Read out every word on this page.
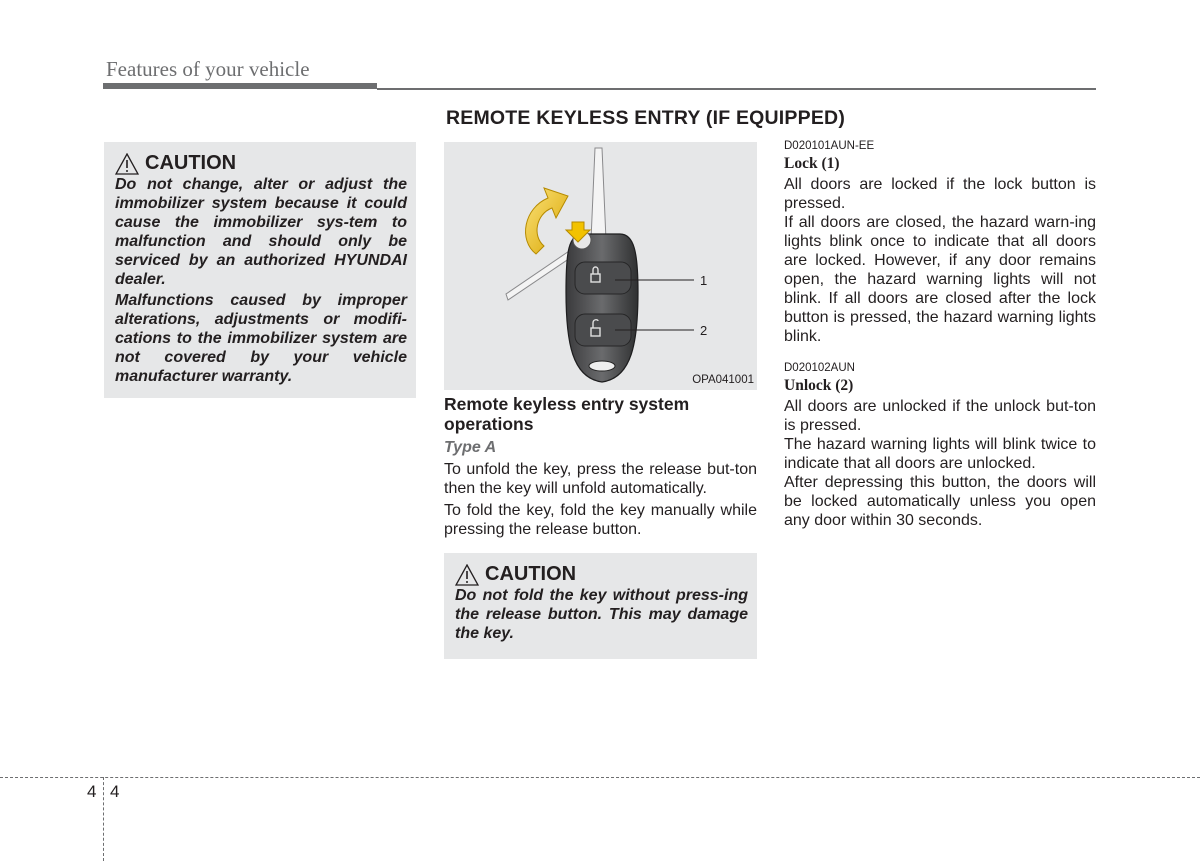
Features of your vehicle
REMOTE KEYLESS ENTRY (IF EQUIPPED)
CAUTION

Do not change, alter or adjust the immobilizer system because it could cause the immobilizer sys-tem to malfunction and should only be serviced by an authorized HYUNDAI dealer.

Malfunctions caused by improper alterations, adjustments or modifi-cations to the immobilizer system are not covered by your vehicle manufacturer warranty.

1
2
OPA041001

Remote keyless entry system operations

Type A

To unfold the key, press the release but-ton then the key will unfold automatically.

To fold the key, fold the key manually while pressing the release button.

CAUTION

Do not fold the key without press-ing the release button. This may damage the key.

D020101AUN-EE

Lock (1)

All doors are locked if the lock button is pressed.

If all doors are closed, the hazard warn-ing lights blink once to indicate that all doors are locked. However, if any door remains open, the hazard warning lights will not blink. If all doors are closed after the lock button is pressed, the hazard warning lights blink.

D020102AUN

Unlock (2)

All doors are unlocked if the unlock but-ton is pressed.

The hazard warning lights will blink twice to indicate that all doors are unlocked.

After depressing this button, the doors will be locked automatically unless you open any door within 30 seconds.

4 4
